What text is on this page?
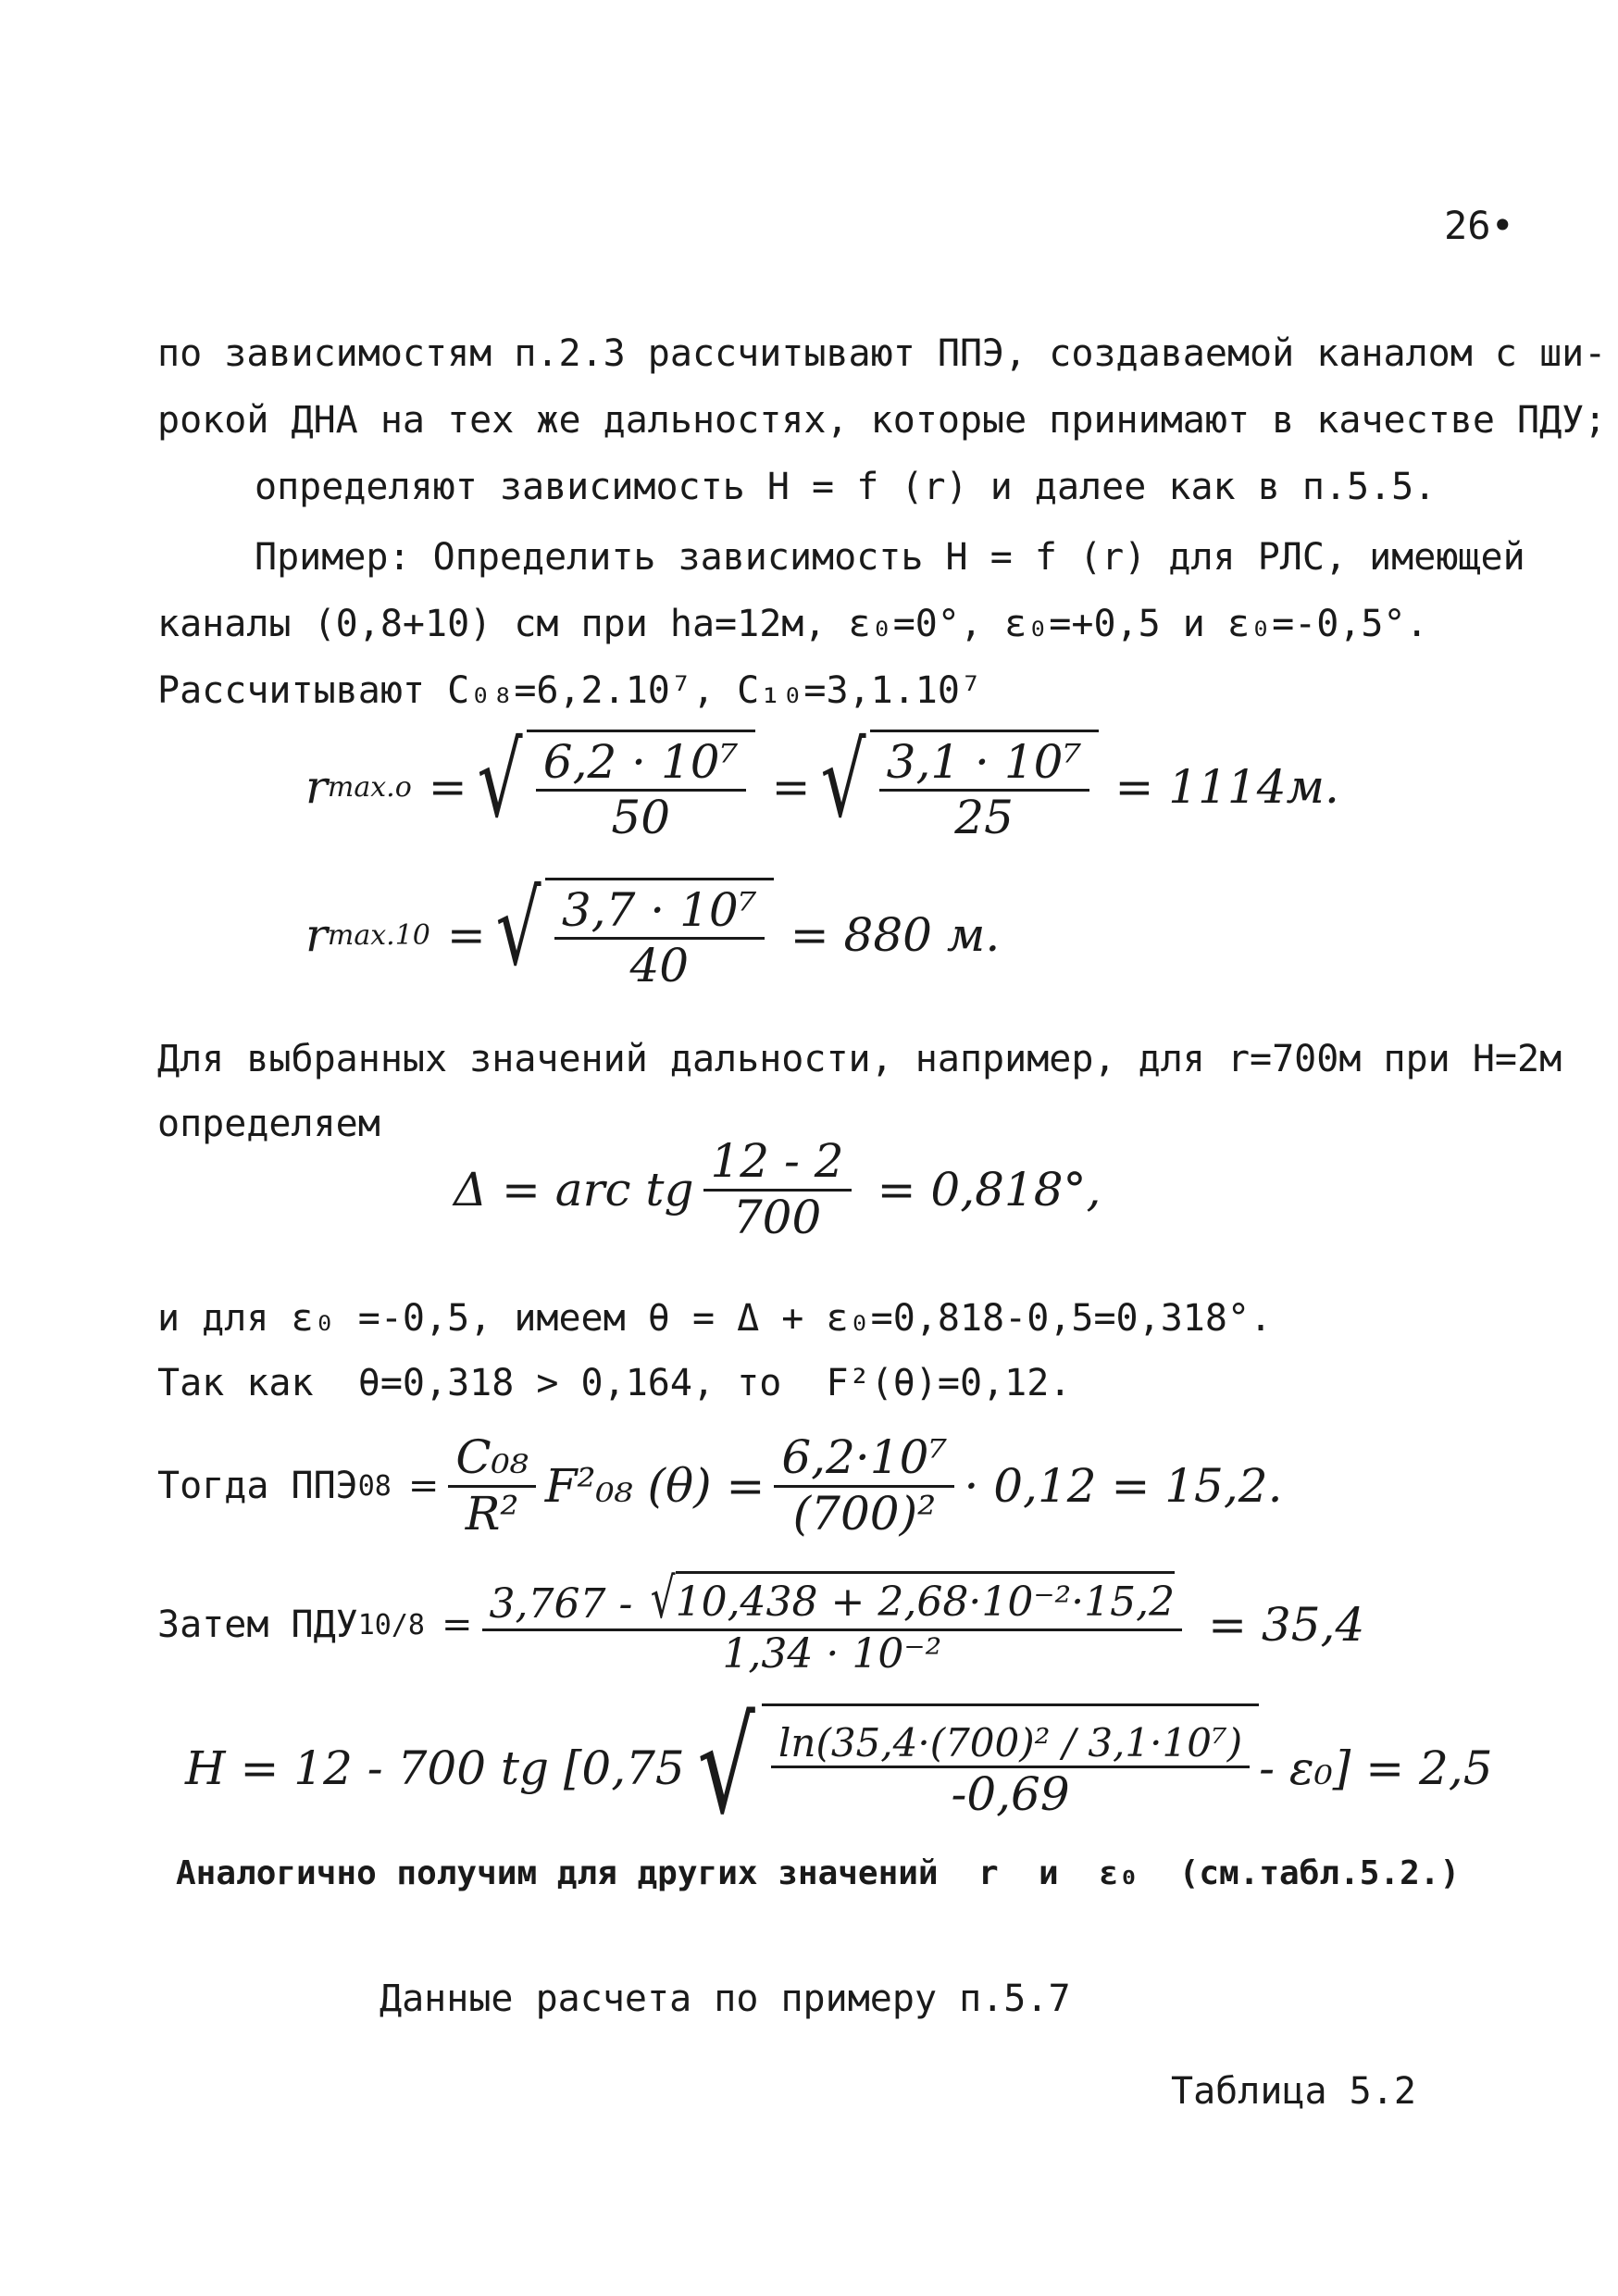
26•
по зависимостям п.2.3 рассчитывают ППЭ, создаваемой каналом с ши-
рокой ДНА на тех же дальностях, которые принимают в качестве ПДУ;
определяют зависимость Н = f (r) и далее как в п.5.5.
Пример: Определить зависимость Н = f (r) для РЛС, имеющей
каналы (0,8+10) см при hа=12м, ε₀=0°, ε₀=+0,5 и ε₀=-0,5°.
Рассчитывают C₀₈=6,2.10⁷, C₁₀=3,1.10⁷
r max.o = √ $\frac{\text{6,2 · 10⁷}}{50}$ = √ $\frac{\text{3,1 · 10⁷}}{25} = 1114м$.
r max.10 = √ $\frac{\text{3,7 · 10⁷}}{40} = 880$ м.
Для выбранных значений дальности, например, для r=700м при Н=2м
определяем
Δ = arc tg $\frac{12 - 2}{700} = 0,818^\circ$,
и для ε₀ =-0,5, имеем θ = Δ + ε₀=0,818-0,5=0,318°.
Так как  θ=0,318 > 0,164, то  F²(θ)=0,12.
Тогда ППЭ $08 = \frac{\text{C₀₈}}{\text{R²}} F^2_{08}$ $(\theta) = \frac{\text{6,2·10⁷}}{\text{(700)²}} \cdot 0,12 = 15,2$.
Затем ПДУ $10/8 = \frac{\text{3,767 - √ 10,438 + 2,68·10⁻²·15,2}}{\text{1,34 · 10⁻²}} = 35,4$
H = 12 - 700 tg [0,75 √ $\frac{\text{ln(35,4·(700)² / 3,1·10⁷)}}{-0,69} - \varepsilon_0] = 2,5$
Аналогично получим для других значений  r  и  ε₀  (см.табл.5.2.)
Данные расчета по примеру п.5.7
Таблица 5.2
